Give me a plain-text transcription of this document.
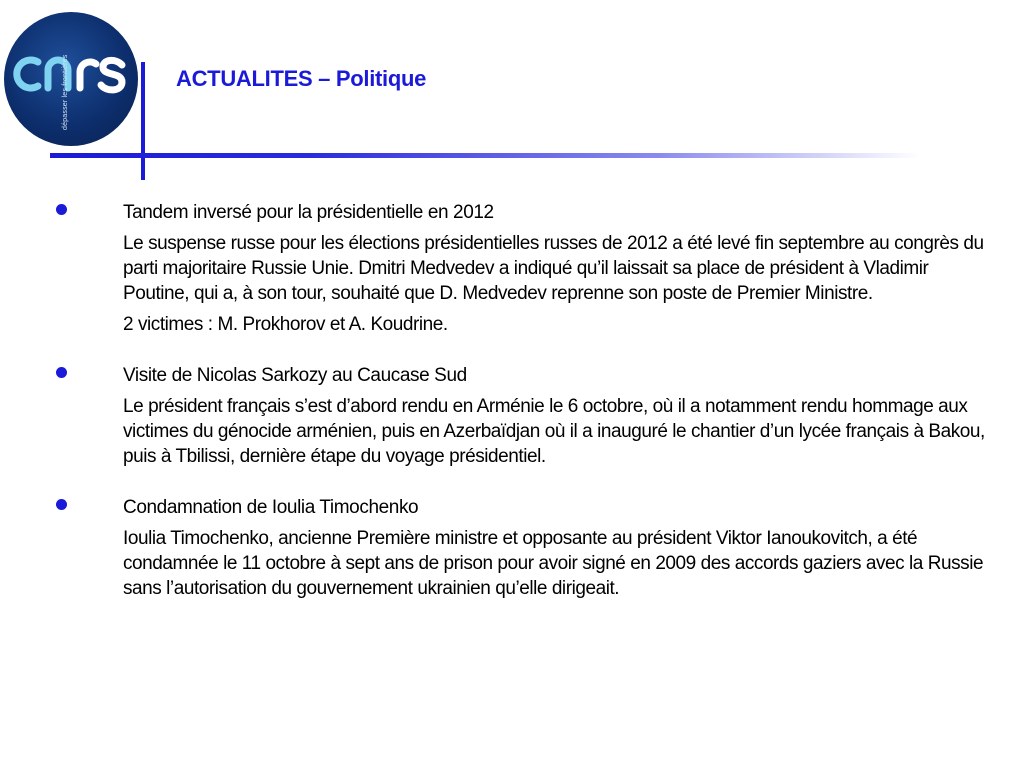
dépasser les frontières	ACTUALITES – Politique
Tandem inversé pour la présidentielle en 2012
Le suspense russe pour les élections présidentielles russes de 2012 a été levé fin septembre au congrès du parti majoritaire Russie Unie. Dmitri Medvedev a indiqué qu’il laissait sa place de président à Vladimir Poutine, qui a, à son tour, souhaité que D. Medvedev reprenne son poste de Premier Ministre.
2 victimes : M. Prokhorov et A. Koudrine.
Visite de Nicolas Sarkozy au Caucase Sud
Le président français s’est d’abord rendu en Arménie le 6 octobre, où il a notamment rendu hommage aux victimes du génocide arménien, puis en Azerbaïdjan où il a inauguré le chantier d’un lycée français à Bakou, puis à Tbilissi, dernière étape du voyage présidentiel.
Condamnation de Ioulia Timochenko
Ioulia Timochenko, ancienne Première ministre et opposante au président Viktor Ianoukovitch, a été condamnée le 11 octobre à sept ans de prison pour avoir signé en 2009 des accords gaziers avec la Russie sans l’autorisation du gouvernement ukrainien qu’elle dirigeait.
